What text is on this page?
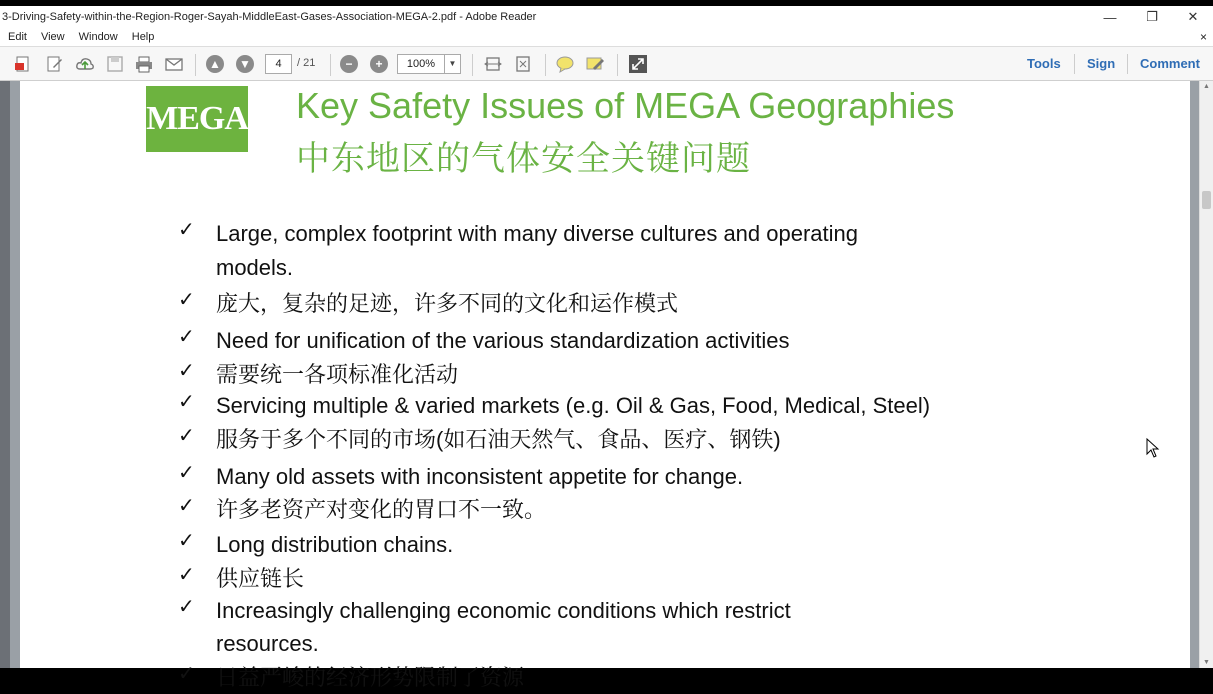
3-Driving-Safety-within-the-Region-Roger-Sayah-MiddleEast-Gases-Association-MEGA-2.pdf - Adobe Reader	— ❐ ✕
Edit	View	Window	Help	×
▲ ▼	4	/ 21	−	+	100%	▼	Tools Sign Comment
MEGA Key Safety Issues of MEGA Geographies
中东地区的气体安全关键问题
✓ Large, complex footprint with many diverse cultures and operating
models.
✓ 庞大，复杂的足迹，许多不同的文化和运作模式
✓ Need for unification of the various standardization activities
✓ 需要统一各项标准化活动
✓ Servicing multiple & varied markets (e.g. Oil & Gas, Food, Medical, Steel)
✓ 服务于多个不同的市场(如石油天然气、食品、医疗、钢铁)
✓ Many old assets with inconsistent appetite for change.
✓ 许多老资产对变化的胃口不一致。
✓ Long distribution chains.
✓ 供应链长
✓ Increasingly challenging economic conditions which restrict
resources.
✓ 日益严峻的经济形势限制了资源
▲
▼
